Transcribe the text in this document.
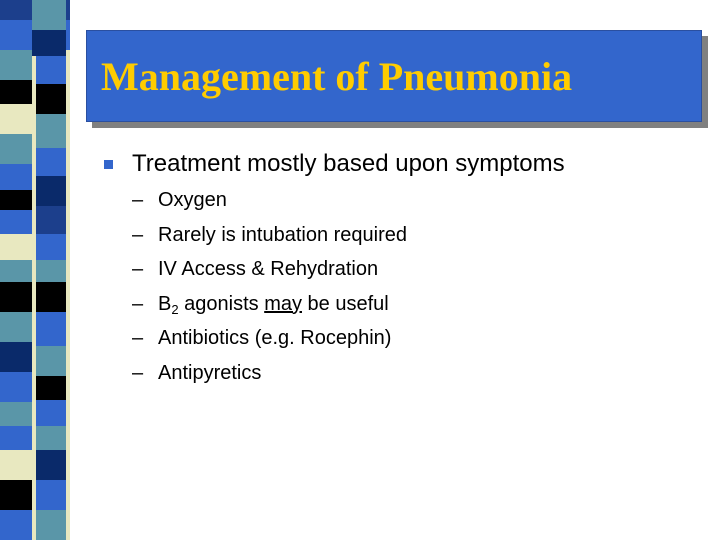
Management of Pneumonia
Treatment mostly based upon symptoms
– Oxygen
– Rarely is intubation required
– IV Access & Rehydration
– $B_2$ agonists may be useful
– Antibiotics (e.g. Rocephin)
– Antipyretics
